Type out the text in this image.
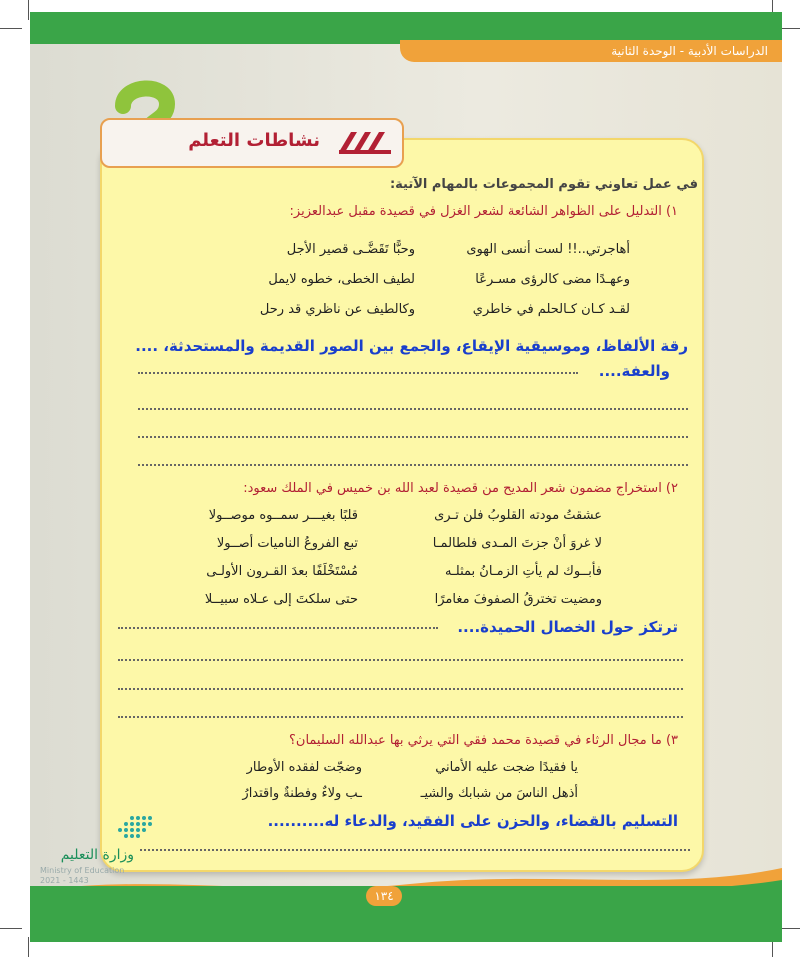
الدراسات الأدبية - الوحدة الثانية
نشاطات التعلم
في عمل تعاوني تقوم المجموعات بالمهام الآتية:
١) التدليل على الظواهر الشائعة لشعر الغزل في قصيدة مقبل عبدالعزيز:
أهاجرتي..!! لست أنسى الهوى
وحبًّا تَقَضَّـى قصير الأجل
وعهـدًا مضى كالرؤى مسـرعًا
لطيف الخطى، خطوه لايمل
لقـد كـان كـالحلم في خاطري
وكالطيف عن ناظري قد رحل
رقة الألفاظ، وموسيقية الإيقاع، والجمع بين الصور القديمة والمستحدثة، ....
والعفة....
٢) استخراج مضمون شعر المديح من قصيدة لعبد الله بن خميس في الملك سعود:
عشقتُ مودته القلوبُ فلن تـرى
قلبًا بغيـــر سمــوه موصــولا
لا غروَ أنْ جزتَ المـدى فلطالمـا
تبع الفروعُ الناميات أصــولا
فأبــوك لم يأتِ الزمـانُ بمثلـه
مُسْتَخْلَفًا بعدَ القـرون الأولـى
ومضيت تخترقُ الصفوفَ مغامرًا
حتى سلكتَ إلى عـلاه سبيــلا
ترتكز حول الخصال الحميدة....
٣) ما مجال الرثاء في قصيدة محمد فقي التي يرثي بها عبدالله السليمان؟
يا فقيدًا ضجت عليه الأماني
وضجّت لفقده الأوطار
أذهل الناسَ من شبابك والشيـ
ـب ولاءٌ وفطنةٌ واقتدارُ
التسليم بالقضاء، والحزن على الفقيد، والدعاء له..........
وزارة التعليم
Ministry of Education
2021 - 1443
١٣٤
